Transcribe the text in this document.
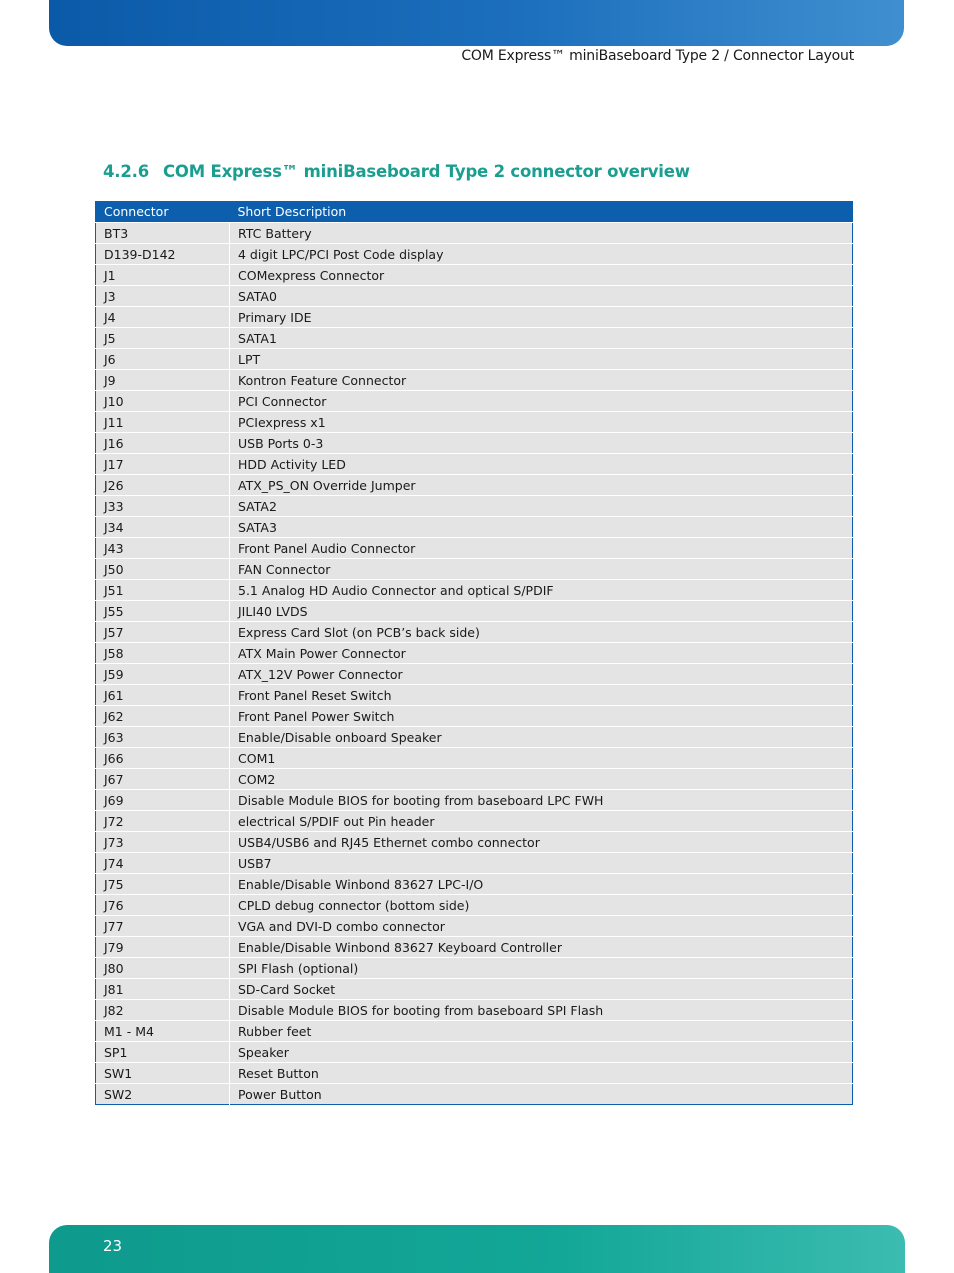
COM Express™ miniBaseboard Type 2 / Connector Layout
4.2.6 COM Express™ miniBaseboard Type 2 connector overview
Connector	Short Description
BT3	RTC Battery
D139-D142	4 digit LPC/PCI Post Code display
J1	COMexpress Connector
J3	SATA0
J4	Primary IDE
J5	SATA1
J6	LPT
J9	Kontron Feature Connector
J10	PCI Connector
J11	PCIexpress x1
J16	USB Ports 0-3
J17	HDD Activity LED
J26	ATX_PS_ON Override Jumper
J33	SATA2
J34	SATA3
J43	Front Panel Audio Connector
J50	FAN Connector
J51	5.1 Analog HD Audio Connector and optical S/PDIF
J55	JILI40 LVDS
J57	Express Card Slot (on PCB’s back side)
J58	ATX Main Power Connector
J59	ATX_12V Power Connector
J61	Front Panel Reset Switch
J62	Front Panel Power Switch
J63	Enable/Disable onboard Speaker
J66	COM1
J67	COM2
J69	Disable Module BIOS for booting from baseboard LPC FWH
J72	electrical S/PDIF out Pin header
J73	USB4/USB6 and RJ45 Ethernet combo connector
J74	USB7
J75	Enable/Disable Winbond 83627 LPC-I/O
J76	CPLD debug connector (bottom side)
J77	VGA and DVI-D combo connector
J79	Enable/Disable Winbond 83627 Keyboard Controller
J80	SPI Flash (optional)
J81	SD-Card Socket
J82	Disable Module BIOS for booting from baseboard SPI Flash
M1 - M4	Rubber feet
SP1	Speaker
SW1	Reset Button
SW2	Power Button
23
